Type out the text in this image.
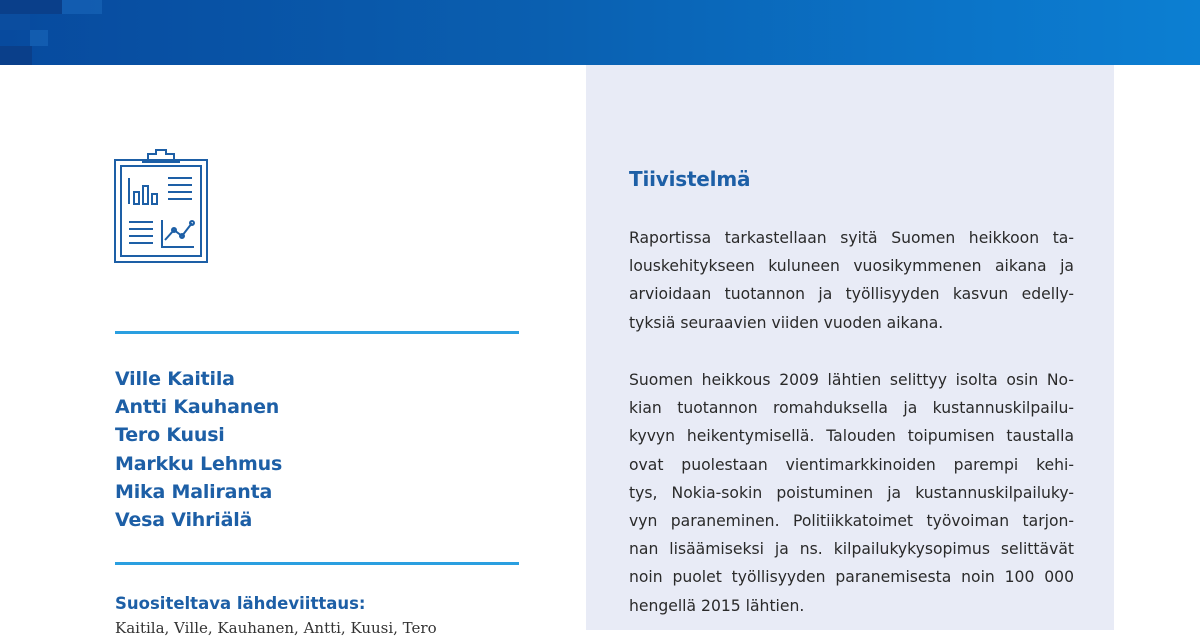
Ville Kaitila
Antti Kauhanen
Tero Kuusi
Markku Lehmus
Mika Maliranta
Vesa Vihriälä

Suositeltava lähdeviittaus:

Kaitila, Ville, Kauhanen, Antti, Kuusi, Tero

Tiivistelmä

Raportissa tarkastellaan syitä Suomen heikkoon ta-
louskehitykseen kuluneen vuosikymmenen aikana ja
arvioidaan tuotannon ja työllisyyden kasvun edelly-
tyksiä seuraavien viiden vuoden aikana.

Suomen heikkous 2009 lähtien selittyy isolta osin No-
kian tuotannon romahduksella ja kustannuskilpailu-
kyvyn heikentymisellä. Talouden toipumisen taustalla
ovat puolestaan vientimarkkinoiden parempi kehi-
tys, Nokia-sokin poistuminen ja kustannuskilpailuky-
vyn paraneminen. Politiikkatoimet työvoiman tarjon-
nan lisäämiseksi ja ns. kilpailukykysopimus selittävät
noin puolet työllisyyden paranemisesta noin 100 000
hengellä 2015 lähtien.
